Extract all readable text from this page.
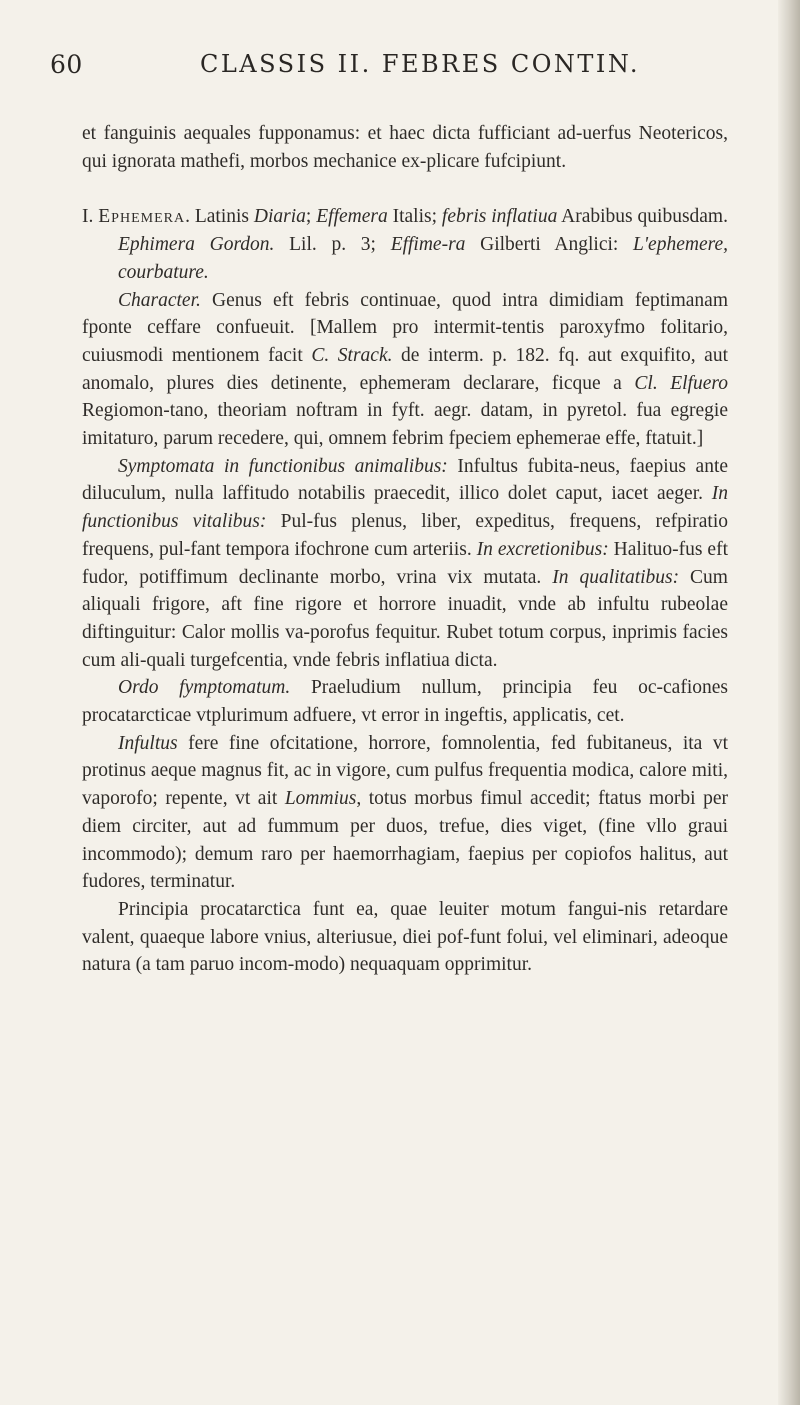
60	CLASSIS II. FEBRES CONTIN.

et fanguinis aequales fupponamus: et haec dicta fufficiant ad-uerfus Neotericos, qui ignorata mathefi, morbos mechanice ex-plicare fufcipiunt.

I. Ephemera. Latinis Diaria; Effemera Italis; febris inflatiua Arabibus quibusdam. Ephimera Gordon. Lil. p. 3; Effime-ra Gilberti Anglici: L'ephemere, courbature.

Character. Genus eft febris continuae, quod intra dimidiam feptimanam fponte ceffare confueuit. [Mallem pro intermit-tentis paroxyfmo folitario, cuiusmodi mentionem facit C. Strack. de interm. p. 182. fq. aut exquifito, aut anomalo, plures dies detinente, ephemeram declarare, ficque a Cl. Elfuero Regiomon-tano, theoriam noftram in fyft. aegr. datam, in pyretol. fua egregie imitaturo, parum recedere, qui, omnem febrim fpeciem ephemerae effe, ftatuit.]

Symptomata in functionibus animalibus: Infultus fubita-neus, faepius ante diluculum, nulla laffitudo notabilis praecedit, illico dolet caput, iacet aeger. In functionibus vitalibus: Pul-fus plenus, liber, expeditus, frequens, refpiratio frequens, pul-fant tempora ifochrone cum arteriis. In excretionibus: Halituo-fus eft fudor, potiffimum declinante morbo, vrina vix mutata. In qualitatibus: Cum aliquali frigore, aft fine rigore et horrore inuadit, vnde ab infultu rubeolae diftinguitur: Calor mollis va-porofus fequitur. Rubet totum corpus, inprimis facies cum ali-quali turgefcentia, vnde febris inflatiua dicta.

Ordo fymptomatum. Praeludium nullum, principia feu oc-cafiones procatarcticae vtplurimum adfuere, vt error in ingeftis, applicatis, cet.

Infultus fere fine ofcitatione, horrore, fomnolentia, fed fubitaneus, ita vt protinus aeque magnus fit, ac in vigore, cum pulfus frequentia modica, calore miti, vaporofo; repente, vt ait Lommius, totus morbus fimul accedit; ftatus morbi per diem circiter, aut ad fummum per duos, trefue, dies viget, (fine vllo graui incommodo); demum raro per haemorrhagiam, faepius per copiofos halitus, aut fudores, terminatur.

Principia procatarctica funt ea, quae leuiter motum fangui-nis retardare valent, quaeque labore vnius, alteriusue, diei pof-funt folui, vel eliminari, adeoque natura (a tam paruo incom-modo) nequaquam opprimitur.
